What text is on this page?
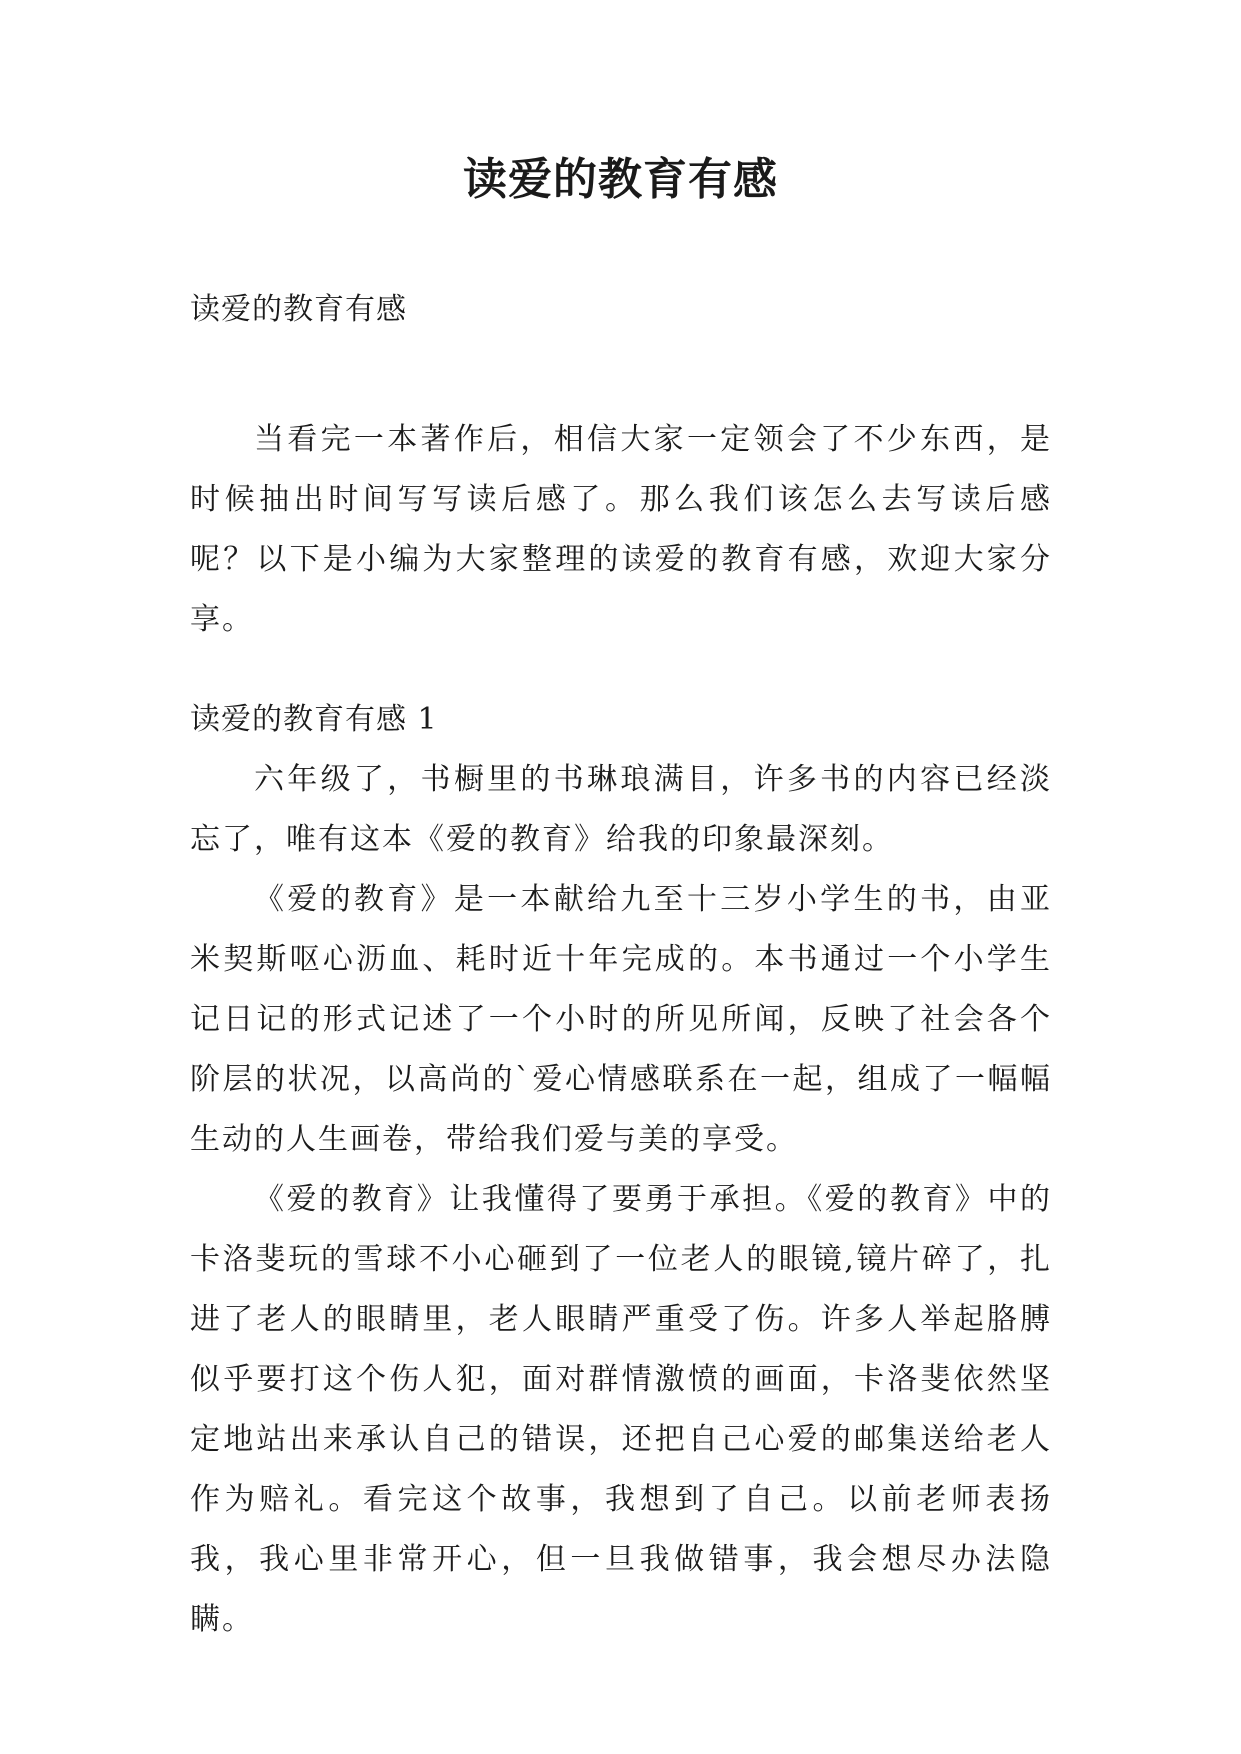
读爱的教育有感
读爱的教育有感

当看完一本著作后，相信大家一定领会了不少东西，是时候抽出时间写写读后感了。那么我们该怎么去写读后感呢？以下是小编为大家整理的读爱的教育有感，欢迎大家分享。

读爱的教育有感 1

六年级了，书橱里的书琳琅满目，许多书的内容已经淡忘了，唯有这本《爱的教育》给我的印象最深刻。

《爱的教育》是一本献给九至十三岁小学生的书，由亚米契斯呕心沥血、耗时近十年完成的。本书通过一个小学生记日记的形式记述了一个小时的所见所闻，反映了社会各个阶层的状况，以高尚的`爱心情感联系在一起，组成了一幅幅生动的人生画卷，带给我们爱与美的享受。

《爱的教育》让我懂得了要勇于承担。《爱的教育》中的卡洛斐玩的雪球不小心砸到了一位老人的眼镜,镜片碎了，扎进了老人的眼睛里，老人眼睛严重受了伤。许多人举起胳膊似乎要打这个伤人犯，面对群情激愤的画面，卡洛斐依然坚定地站出来承认自己的错误，还把自己心爱的邮集送给老人作为赔礼。看完这个故事，我想到了自己。以前老师表扬我，我心里非常开心，但一旦我做错事，我会想尽办法隐瞒。
